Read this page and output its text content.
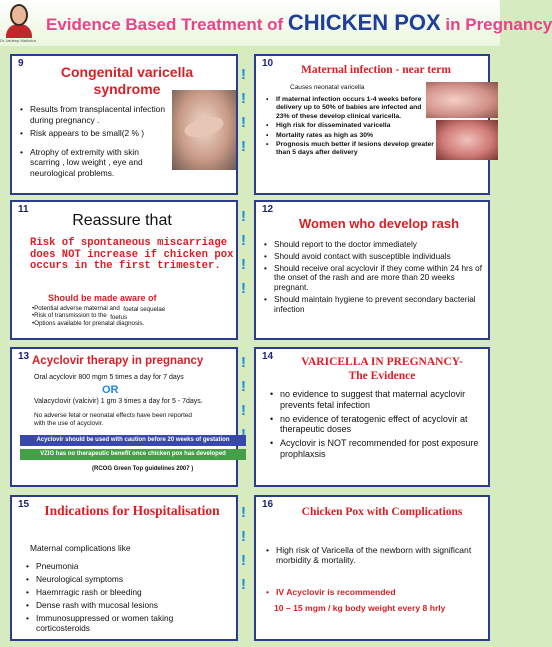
Dr Jaideep Malhotra
Evidence Based Treatment of CHICKEN POX in Pregnancy
!
!
!
!
!
!
!
!
!
!
!
!
!
!
!
9
Congenital varicella syndrome
• Results from transplacental infection during pregnancy .
• Risk appears to be small(2 % )
• Atrophy of extremity with skin scarring , low weight , eye and neurological problems.
10
Maternal infection - near term
Causes neonatal varicella
• If maternal infection occurs 1-4 weeks before delivery up to 50% of babies are infected and 23% of these develop clinical varicella.
• High risk for disseminated varicella
• Mortality rates as high as 30%
• Prognosis much better if lesions develop greater than 5 days after delivery
11
Reassure that
Risk of spontaneous miscarriage does NOT increase if chicken pox occurs in the first trimester.
Should be made aware of
•Potential adverse maternal and foetal sequelae
•Risk of transmission to the foetus
•Options available for prenatal diagnosis.
12
Women who develop rash
• Should report to the doctor immediately
• Should avoid contact with susceptible individuals
• Should receive oral acyclovir if they come within 24 hrs of the onset of the rash and are more than 20 weeks pregnant.
• Should maintain hygiene to prevent secondary bacterial infection
13 Acyclovir therapy in pregnancy
Oral acyclovir 800 mgm 5 times a day for 7 days
OR
Valacyclovir (valcivir) 1 gm 3 times a day for 5 - 7days.
No adverse fetal or neonatal effects have been reported with the use of acyclovir.
Acyclovir should be used with caution before 20 weeks of gestation
VZIG has no therapeutic benefit once chicken pox has developed
(RCOG Green Top guidelines 2007 )
14	VARICELLA IN PREGNANCY-The Evidence
• no evidence to suggest that maternal acyclovir prevents fetal infection
• no evidence of teratogenic effect of acyclovir at therapeutic doses
• Acyclovir is NOT recommended for post exposure prophlaxsis
15	Indications for Hospitalisation
Maternal complications like
• Pneumonia
• Neurological symptoms
• Haemrragic rash or bleeding
• Dense rash with mucosal lesions
• Immunosuppressed or women taking corticosteroids
16
Chicken Pox with Complications
• High risk of Varicella of the newborn with significant morbidity & mortality.
• IV Acyclovir is recommended
10 – 15 mgm / kg body weight every 8 hrly
